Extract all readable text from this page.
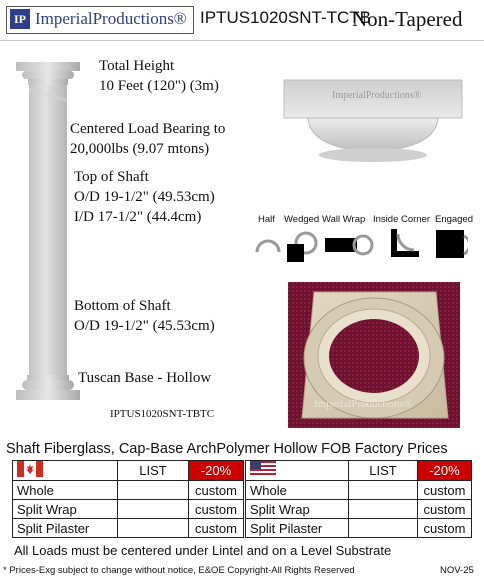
IP ImperialProductions® IPTUS1020SNT-TCTB
Non-Tapered
Total Height
10 Feet (120") (3m)
Centered Load Bearing to
20,000lbs (9.07 mtons)
Top of Shaft
O/D 19-1/2" (49.53cm)
I/D 17-1/2" (44.4cm)
Bottom of Shaft
O/D 19-1/2" (45.53cm)
Tuscan Base - Hollow
IPTUS1020SNT-TBTC
ImperialProductions®
Half Wedged Wall Wrap Inside Corner Engaged
ImperialProductions®
Shaft Fiberglass, Cap-Base ArchPolymer Hollow FOB Factory Prices
	LIST	-20%
Whole		custom
Split Wrap		custom
Split Pilaster		custom
	LIST	-20%
Whole		custom
Split Wrap		custom
Split Pilaster		custom
All Loads must be centered under Lintel and on a Level Substrate
* Prices-Exg subject to change without notice, E&OE Copyright-All Rights Reserved	NOV-25
